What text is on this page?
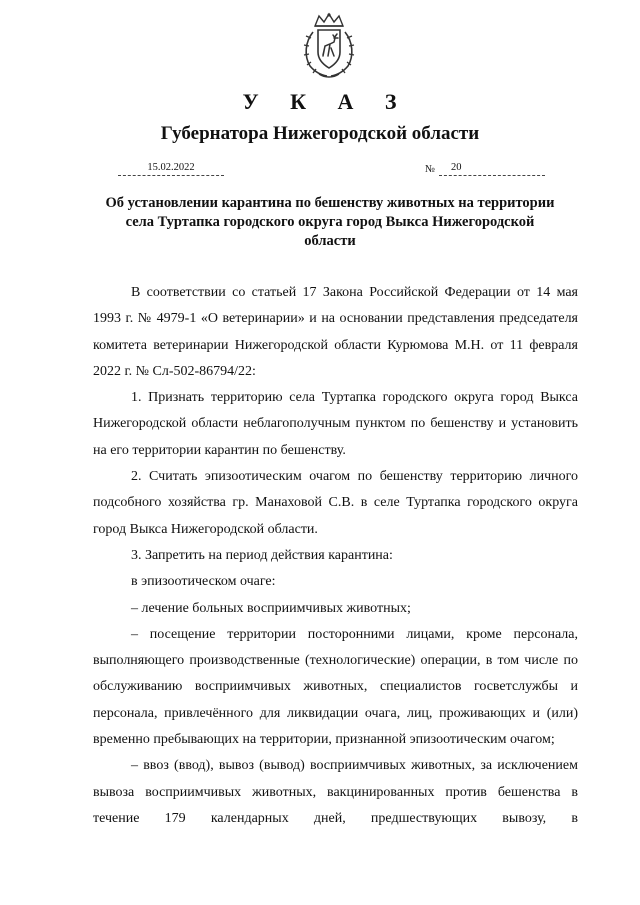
У К А З
Губернатора Нижегородской области
15.02.2022	№	20
Об установлении карантина по бешенству животных на территории села Туртапка городского округа город Выкса Нижегородской области

В соответствии со статьей 17 Закона Российской Федерации от 14 мая 1993 г. № 4979-1 «О ветеринарии» и на основании представления председателя комитета ветеринарии Нижегородской области Курюмова М.Н. от 11 февраля 2022 г. № Сл-502-86794/22:

1. Признать территорию села Туртапка городского округа город Выкса Нижегородской области неблагополучным пунктом по бешенству и установить на его территории карантин по бешенству.

2. Считать эпизоотическим очагом по бешенству территорию личного подсобного хозяйства гр. Манаховой С.В. в селе Туртапка городского округа город Выкса Нижегородской области.

3. Запретить на период действия карантина:

в эпизоотическом очаге:

– лечение больных восприимчивых животных;

– посещение территории посторонними лицами, кроме персонала, выполняющего производственные (технологические) операции, в том числе по обслуживанию восприимчивых животных, специалистов госветслужбы и персонала, привлечённого для ликвидации очага, лиц, проживающих и (или) временно пребывающих на территории, признанной эпизоотическим очагом;

– ввоз (ввод), вывоз (вывод) восприимчивых животных, за исключением вывоза восприимчивых животных, вакцинированных против бешенства в течение 179 календарных дней, предшествующих вывозу, в
